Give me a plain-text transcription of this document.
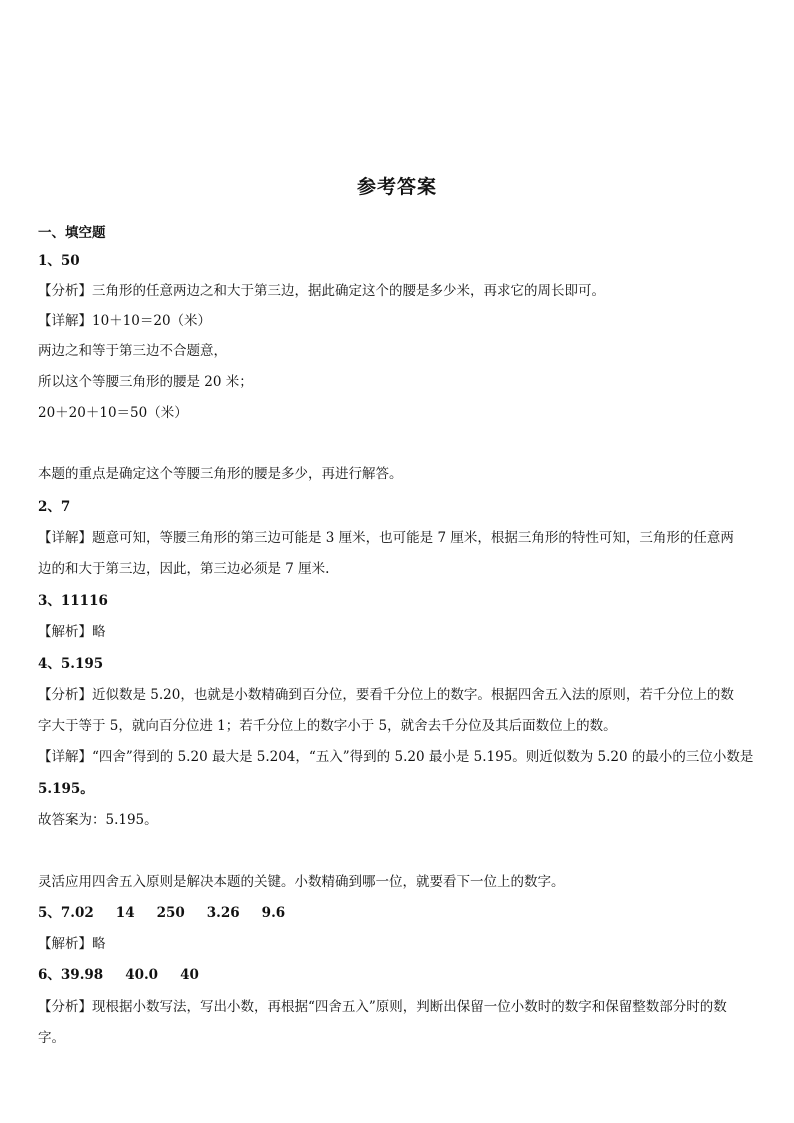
参考答案
一、填空题
1、50
【分析】三角形的任意两边之和大于第三边，据此确定这个的腰是多少米，再求它的周长即可。
【详解】10＋10＝20（米）
两边之和等于第三边不合题意，
所以这个等腰三角形的腰是 20 米；
20＋20＋10＝50（米）
本题的重点是确定这个等腰三角形的腰是多少，再进行解答。
2、7
【详解】题意可知，等腰三角形的第三边可能是 3 厘米，也可能是 7 厘米，根据三角形的特性可知，三角形的任意两
边的和大于第三边，因此，第三边必须是 7 厘米.
3、11116
【解析】略
4、5.195
【分析】近似数是 5.20，也就是小数精确到百分位，要看千分位上的数字。根据四舍五入法的原则，若千分位上的数
字大于等于 5，就向百分位进 1；若千分位上的数字小于 5，就舍去千分位及其后面数位上的数。
【详解】“四舍”得到的 5.20 最大是 5.204，“五入”得到的 5.20 最小是 5.195。则近似数为 5.20 的最小的三位小数是
5.195。
故答案为：5.195。
灵活应用四舍五入原则是解决本题的关键。小数精确到哪一位，就要看下一位上的数字。
5、7.02 14 250 3.26 9.6
【解析】略
6、39.98 40.0 40
【分析】现根据小数写法，写出小数，再根据“四舍五入”原则，判断出保留一位小数时的数字和保留整数部分时的数
字。
